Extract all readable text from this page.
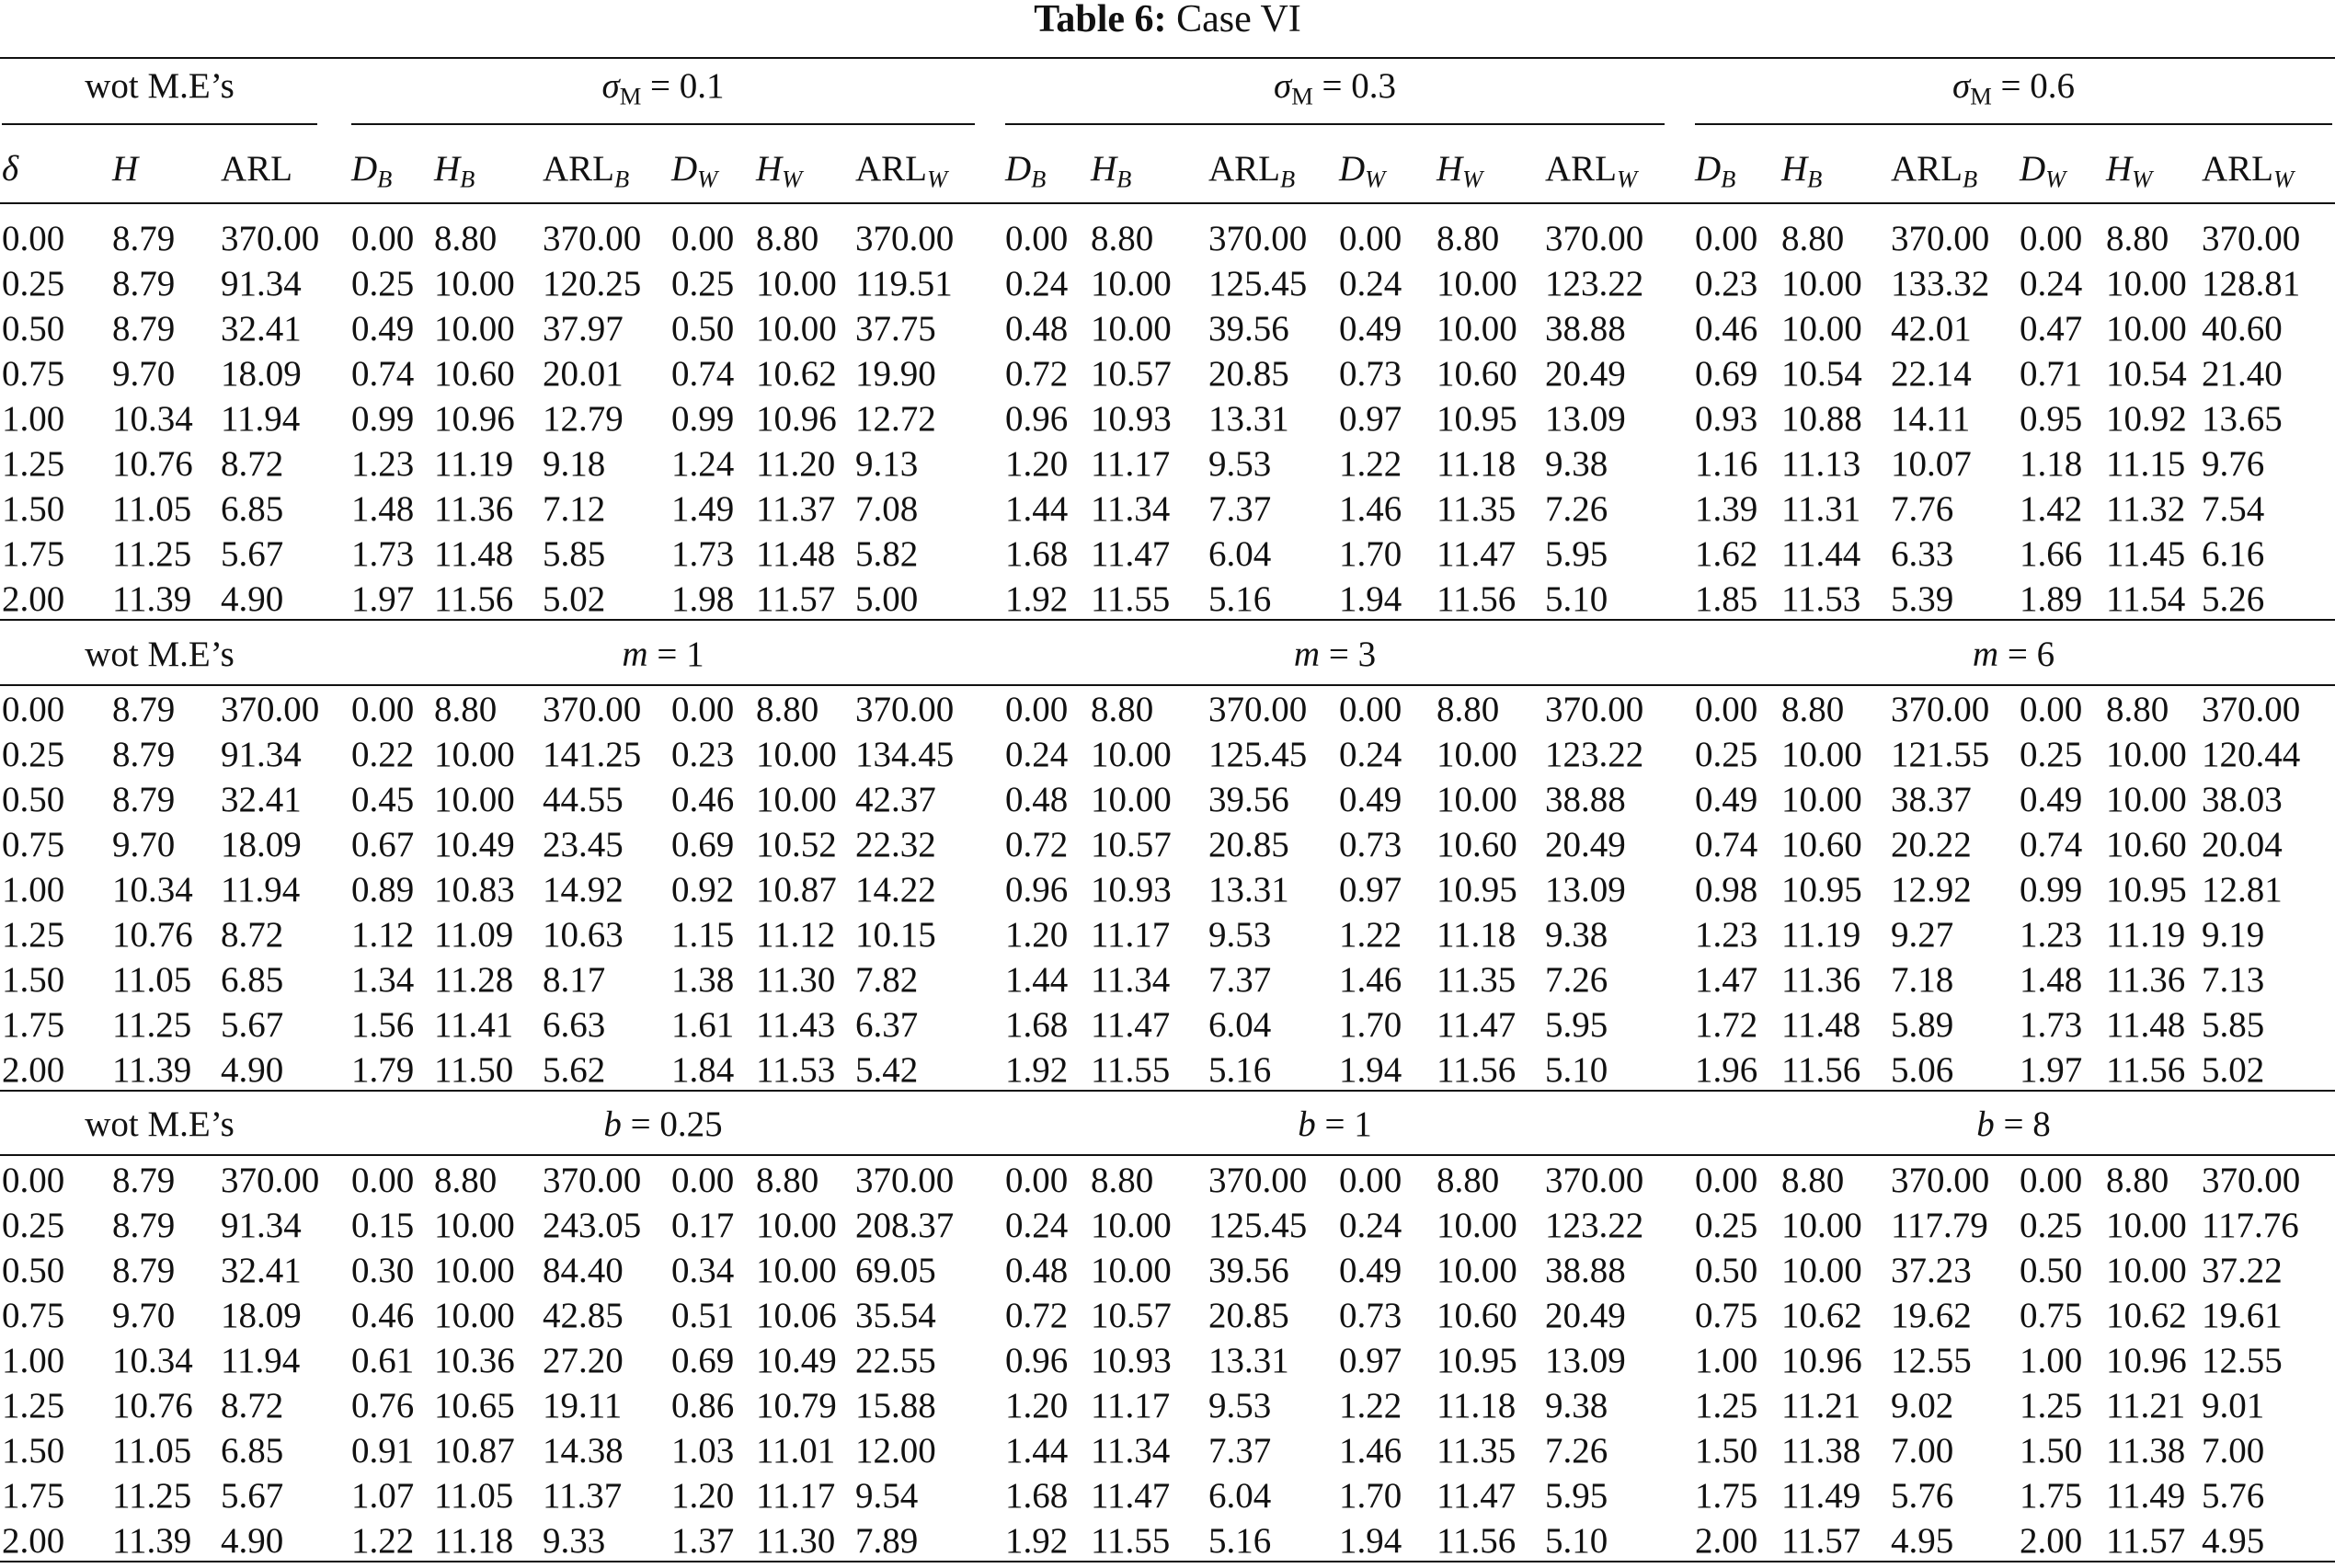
Table 6: Case VI
δ	H ARL $D_B$ $H_B$ $ARL_B$ $D_W$ $H_W$ $ARL_W$ $D_B$ $H_B$ $ARL_B$ $D_W$ $H_W$ $ARL_W$ $D_B$ $H_B$ $ARL_B$ $D_W$ $H_W$ $ARL_W$
wot M.E’s	$\sigma_M = 0.1$	$\sigma_M = 0.3$	$\sigma_M = 0.6$
0.00 8.79 370.00 0.00 8.80 370.00 0.00 8.80 370.00 0.00 8.80 370.00 0.00 8.80 370.00 0.00 8.80 370.00 0.00 8.80 370.00
0.25 8.79 91.34 0.25 10.00 120.25 0.25 10.00 119.51 0.24 10.00 125.45 0.24 10.00 123.22 0.23 10.00 133.32 0.24 10.00 128.81
0.50 8.79 32.41 0.49 10.00 37.97 0.50 10.00 37.75 0.48 10.00 39.56 0.49 10.00 38.88 0.46 10.00 42.01 0.47 10.00 40.60
0.75 9.70 18.09 0.74 10.60 20.01 0.74 10.62 19.90 0.72 10.57 20.85 0.73 10.60 20.49 0.69 10.54 22.14 0.71 10.54 21.40
1.00 10.34 11.94 0.99 10.96 12.79 0.99 10.96 12.72 0.96 10.93 13.31 0.97 10.95 13.09 0.93 10.88 14.11 0.95 10.92 13.65
1.25 10.76 8.72 1.23 11.19 9.18 1.24 11.20 9.13 1.20 11.17 9.53 1.22 11.18 9.38 1.16 11.13 10.07 1.18 11.15 9.76
1.50 11.05 6.85 1.48 11.36 7.12 1.49 11.37 7.08 1.44 11.34 7.37 1.46 11.35 7.26 1.39 11.31 7.76 1.42 11.32 7.54
1.75 11.25 5.67 1.73 11.48 5.85 1.73 11.48 5.82 1.68 11.47 6.04 1.70 11.47 5.95 1.62 11.44 6.33 1.66 11.45 6.16
2.00 11.39 4.90 1.97 11.56 5.02 1.98 11.57 5.00 1.92 11.55 5.16 1.94 11.56 5.10 1.85 11.53 5.39 1.89 11.54 5.26
wot M.E’s	m = 1	m = 3	m = 6
0.00 8.79 370.00 0.00 8.80 370.00 0.00 8.80 370.00 0.00 8.80 370.00 0.00 8.80 370.00 0.00 8.80 370.00 0.00 8.80 370.00
0.25 8.79 91.34 0.22 10.00 141.25 0.23 10.00 134.45 0.24 10.00 125.45 0.24 10.00 123.22 0.25 10.00 121.55 0.25 10.00 120.44
0.50 8.79 32.41 0.45 10.00 44.55 0.46 10.00 42.37 0.48 10.00 39.56 0.49 10.00 38.88 0.49 10.00 38.37 0.49 10.00 38.03
0.75 9.70 18.09 0.67 10.49 23.45 0.69 10.52 22.32 0.72 10.57 20.85 0.73 10.60 20.49 0.74 10.60 20.22 0.74 10.60 20.04
1.00 10.34 11.94 0.89 10.83 14.92 0.92 10.87 14.22 0.96 10.93 13.31 0.97 10.95 13.09 0.98 10.95 12.92 0.99 10.95 12.81
1.25 10.76 8.72 1.12 11.09 10.63 1.15 11.12 10.15 1.20 11.17 9.53 1.22 11.18 9.38 1.23 11.19 9.27 1.23 11.19 9.19
1.50 11.05 6.85 1.34 11.28 8.17 1.38 11.30 7.82 1.44 11.34 7.37 1.46 11.35 7.26 1.47 11.36 7.18 1.48 11.36 7.13
1.75 11.25 5.67 1.56 11.41 6.63 1.61 11.43 6.37 1.68 11.47 6.04 1.70 11.47 5.95 1.72 11.48 5.89 1.73 11.48 5.85
2.00 11.39 4.90 1.79 11.50 5.62 1.84 11.53 5.42 1.92 11.55 5.16 1.94 11.56 5.10 1.96 11.56 5.06 1.97 11.56 5.02
wot M.E’s	b = 0.25	b = 1	b = 8
0.00 8.79 370.00 0.00 8.80 370.00 0.00 8.80 370.00 0.00 8.80 370.00 0.00 8.80 370.00 0.00 8.80 370.00 0.00 8.80 370.00
0.25 8.79 91.34 0.15 10.00 243.05 0.17 10.00 208.37 0.24 10.00 125.45 0.24 10.00 123.22 0.25 10.00 117.79 0.25 10.00 117.76
0.50 8.79 32.41 0.30 10.00 84.40 0.34 10.00 69.05 0.48 10.00 39.56 0.49 10.00 38.88 0.50 10.00 37.23 0.50 10.00 37.22
0.75 9.70 18.09 0.46 10.00 42.85 0.51 10.06 35.54 0.72 10.57 20.85 0.73 10.60 20.49 0.75 10.62 19.62 0.75 10.62 19.61
1.00 10.34 11.94 0.61 10.36 27.20 0.69 10.49 22.55 0.96 10.93 13.31 0.97 10.95 13.09 1.00 10.96 12.55 1.00 10.96 12.55
1.25 10.76 8.72 0.76 10.65 19.11 0.86 10.79 15.88 1.20 11.17 9.53 1.22 11.18 9.38 1.25 11.21 9.02 1.25 11.21 9.01
1.50 11.05 6.85 0.91 10.87 14.38 1.03 11.01 12.00 1.44 11.34 7.37 1.46 11.35 7.26 1.50 11.38 7.00 1.50 11.38 7.00
1.75 11.25 5.67 1.07 11.05 11.37 1.20 11.17 9.54 1.68 11.47 6.04 1.70 11.47 5.95 1.75 11.49 5.76 1.75 11.49 5.76
2.00 11.39 4.90 1.22 11.18 9.33 1.37 11.30 7.89 1.92 11.55 5.16 1.94 11.56 5.10 2.00 11.57 4.95 2.00 11.57 4.95
